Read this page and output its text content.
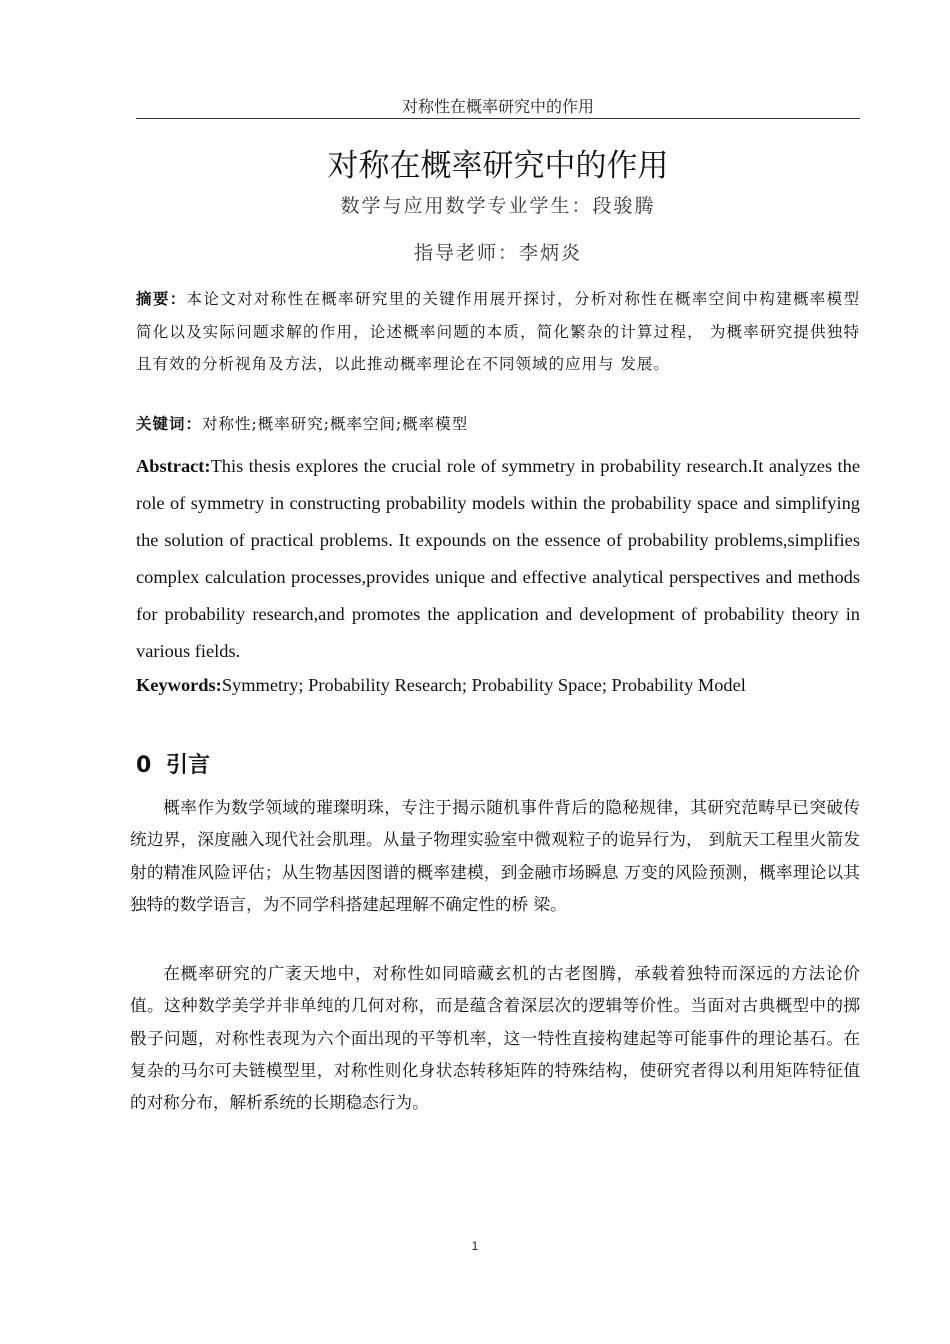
对称性在概率研究中的作用
对称在概率研究中的作用
数学与应用数学专业学生：段骏腾
指导老师：李炳炎
摘要：本论文对对称性在概率研究里的关键作用展开探讨，分析对称性在概率空间中构建概率模型简化以及实际问题求解的作用，论述概率问题的本质，简化繁杂的计算过程， 为概率研究提供独特且有效的分析视角及方法，以此推动概率理论在不同领域的应用与 发展。
关键词：对称性;概率研究;概率空间;概率模型
Abstract:This thesis explores the crucial role of symmetry in probability research.It analyzes the role of symmetry in constructing probability models within the probability space and simplifying the solution of practical problems. It expounds on the essence of probability problems,simplifies complex calculation processes,provides unique and effective analytical perspectives and methods for probability research,and promotes the application and development of probability theory in various fields.
Keywords:Symmetry; Probability Research; Probability Space; Probability Model
0 引言
概率作为数学领域的璀璨明珠，专注于揭示随机事件背后的隐秘规律，其研究范畴早已突破传统边界，深度融入现代社会肌理。从量子物理实验室中微观粒子的诡异行为， 到航天工程里火箭发射的精准风险评估；从生物基因图谱的概率建模，到金融市场瞬息 万变的风险预测，概率理论以其独特的数学语言，为不同学科搭建起理解不确定性的桥 梁。
在概率研究的广袤天地中，对称性如同暗藏玄机的古老图腾，承载着独特而深远的方法论价值。这种数学美学并非单纯的几何对称，而是蕴含着深层次的逻辑等价性。当面对古典概型中的掷骰子问题，对称性表现为六个面出现的平等机率，这一特性直接构建起等可能事件的理论基石。在复杂的马尔可夫链模型里，对称性则化身状态转移矩阵的特殊结构，使研究者得以利用矩阵特征值的对称分布，解析系统的长期稳态行为。
1
